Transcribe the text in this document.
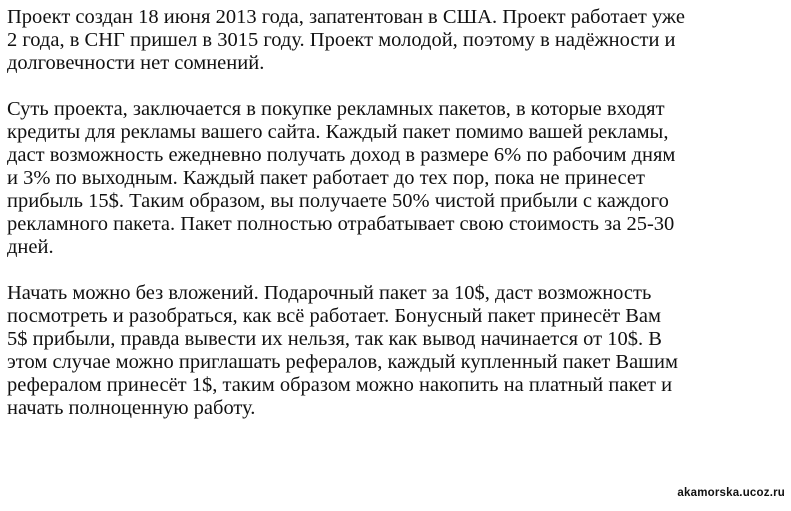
Проект создан 18 июня 2013 года, запатентован в США. Проект работает уже
2 года, в СНГ пришел в 3015 году. Проект молодой, поэтому в надёжности и
долговечности нет сомнений.

Суть проекта, заключается в покупке рекламных пакетов, в которые входят
кредиты для рекламы вашего сайта. Каждый пакет помимо вашей рекламы,
даст возможность ежедневно получать доход в размере 6% по рабочим дням
и 3% по выходным. Каждый пакет работает до тех пор, пока не принесет
прибыль 15$. Таким образом, вы получаете 50% чистой прибыли с каждого
рекламного пакета. Пакет полностью отрабатывает свою стоимость за 25-30
дней.

Начать можно без вложений. Подарочный пакет за 10$, даст возможность
посмотреть и разобраться, как всё работает. Бонусный пакет принесёт Вам
5$ прибыли, правда вывести их нельзя, так как вывод начинается от 10$. В
этом случае можно приглашать рефералов, каждый купленный пакет Вашим
рефералом принесёт 1$, таким образом можно накопить на платный пакет и
начать полноценную работу.

akamorska.ucoz.ru
